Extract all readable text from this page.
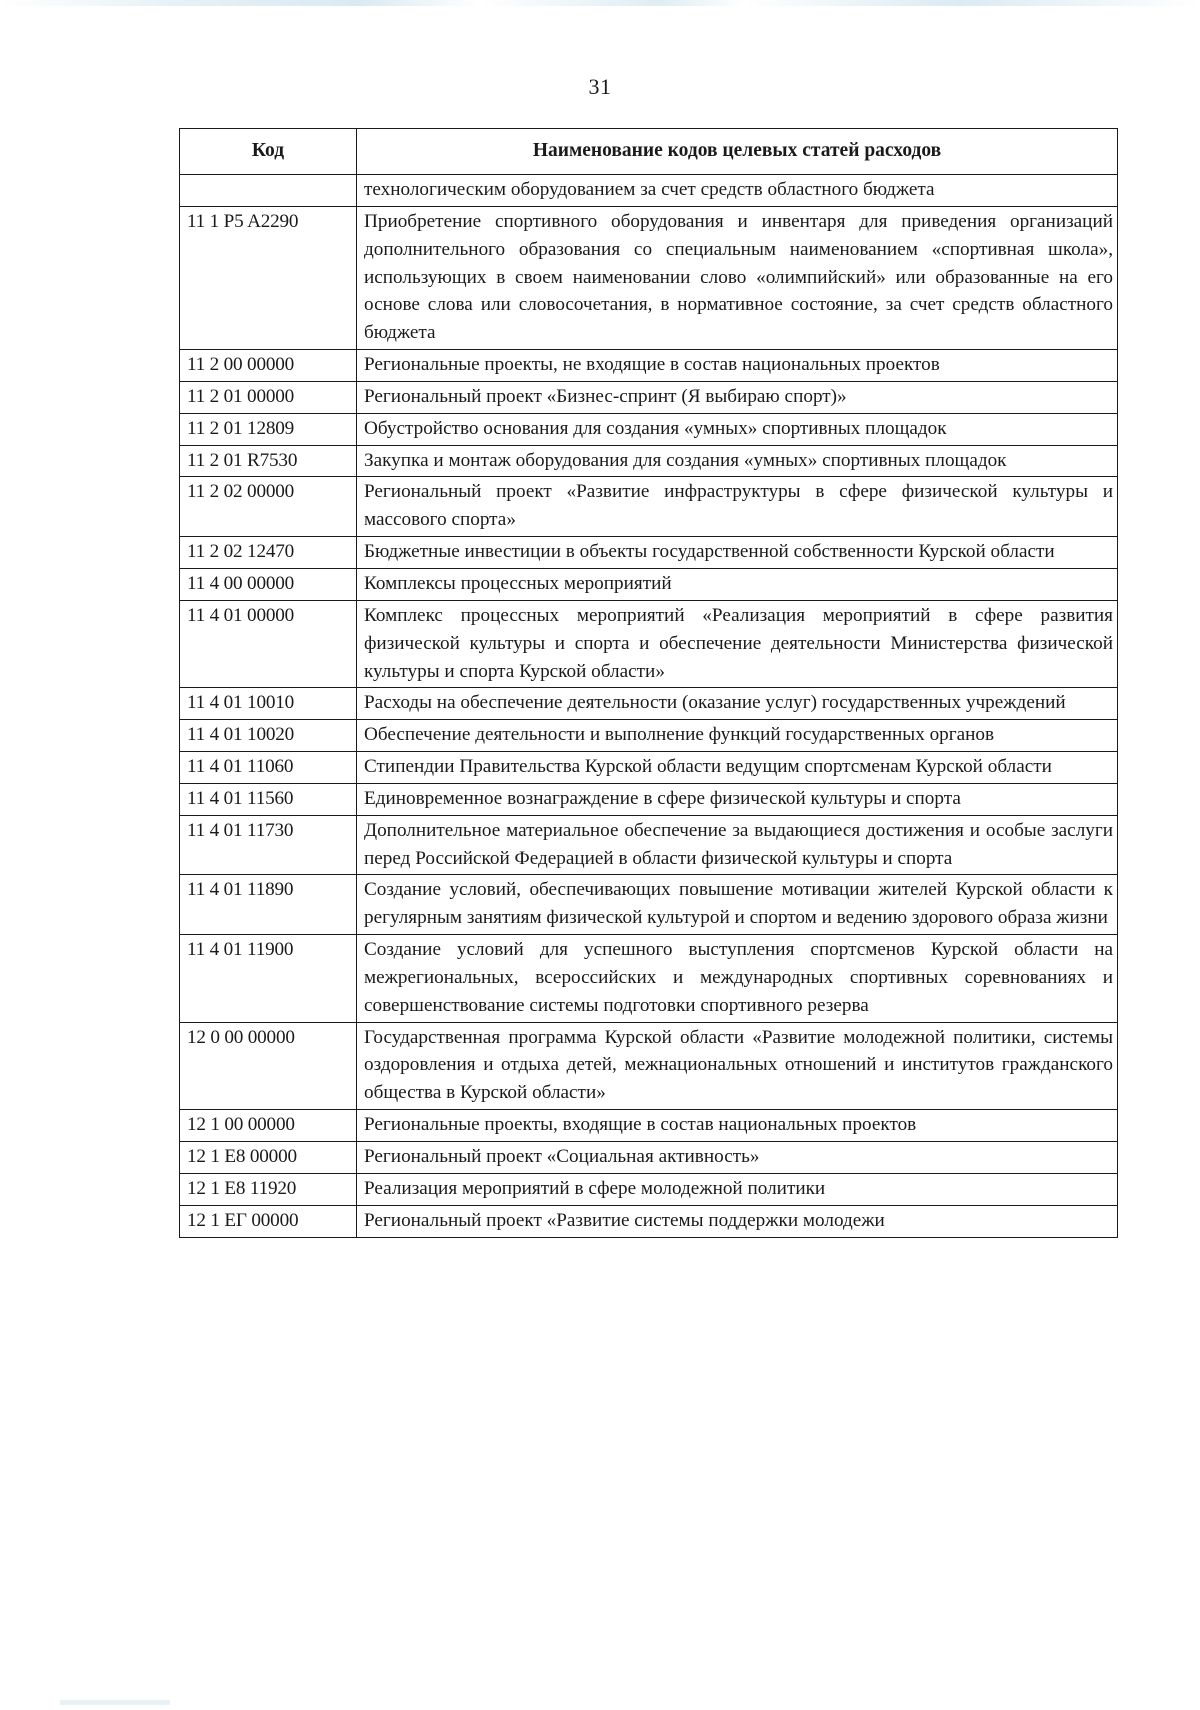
31
Код	Наименование кодов целевых статей расходов
	технологическим оборудованием за счет средств областного бюджета
11 1 P5 A2290	Приобретение спортивного оборудования и инвентаря для приведения организаций дополнительного образования со специальным наименованием «спортивная школа», использующих в своем наименовании слово «олимпийский» или образованные на его основе слова или словосочетания, в нормативное состояние, за счет средств областного бюджета
11 2 00 00000	Региональные проекты, не входящие в состав национальных проектов
11 2 01 00000	Региональный проект «Бизнес-спринт (Я выбираю спорт)»
11 2 01 12809	Обустройство основания для создания «умных» спортивных площадок
11 2 01 R7530	Закупка и монтаж оборудования для создания «умных» спортивных площадок
11 2 02 00000	Региональный проект «Развитие инфраструктуры в сфере физической культуры и массового спорта»
11 2 02 12470	Бюджетные инвестиции в объекты государственной собственности Курской области
11 4 00 00000	Комплексы процессных мероприятий
11 4 01 00000	Комплекс процессных мероприятий «Реализация мероприятий в сфере развития физической культуры и спорта и обеспечение деятельности Министерства физической культуры и спорта Курской области»
11 4 01 10010	Расходы на обеспечение деятельности (оказание услуг) государственных учреждений
11 4 01 10020	Обеспечение деятельности и выполнение функций государственных органов
11 4 01 11060	Стипендии Правительства Курской области ведущим спортсменам Курской области
11 4 01 11560	Единовременное вознаграждение в сфере физической культуры и спорта
11 4 01 11730	Дополнительное материальное обеспечение за выдающиеся достижения и особые заслуги перед Российской Федерацией в области физической культуры и спорта
11 4 01 11890	Создание условий, обеспечивающих повышение мотивации жителей Курской области к регулярным занятиям физической культурой и спортом и ведению здорового образа жизни
11 4 01 11900	Создание условий для успешного выступления спортсменов Курской области на межрегиональных, всероссийских и международных спортивных соревнованиях и совершенствование системы подготовки спортивного резерва
12 0 00 00000	Государственная программа Курской области «Развитие молодежной политики, системы оздоровления и отдыха детей, межнациональных отношений и институтов гражданского общества в Курской области»
12 1 00 00000	Региональные проекты, входящие в состав национальных проектов
12 1 E8 00000	Региональный проект «Социальная активность»
12 1 E8 11920	Реализация мероприятий в сфере молодежной политики
12 1 ЕГ 00000	Региональный проект «Развитие системы поддержки молодежи
